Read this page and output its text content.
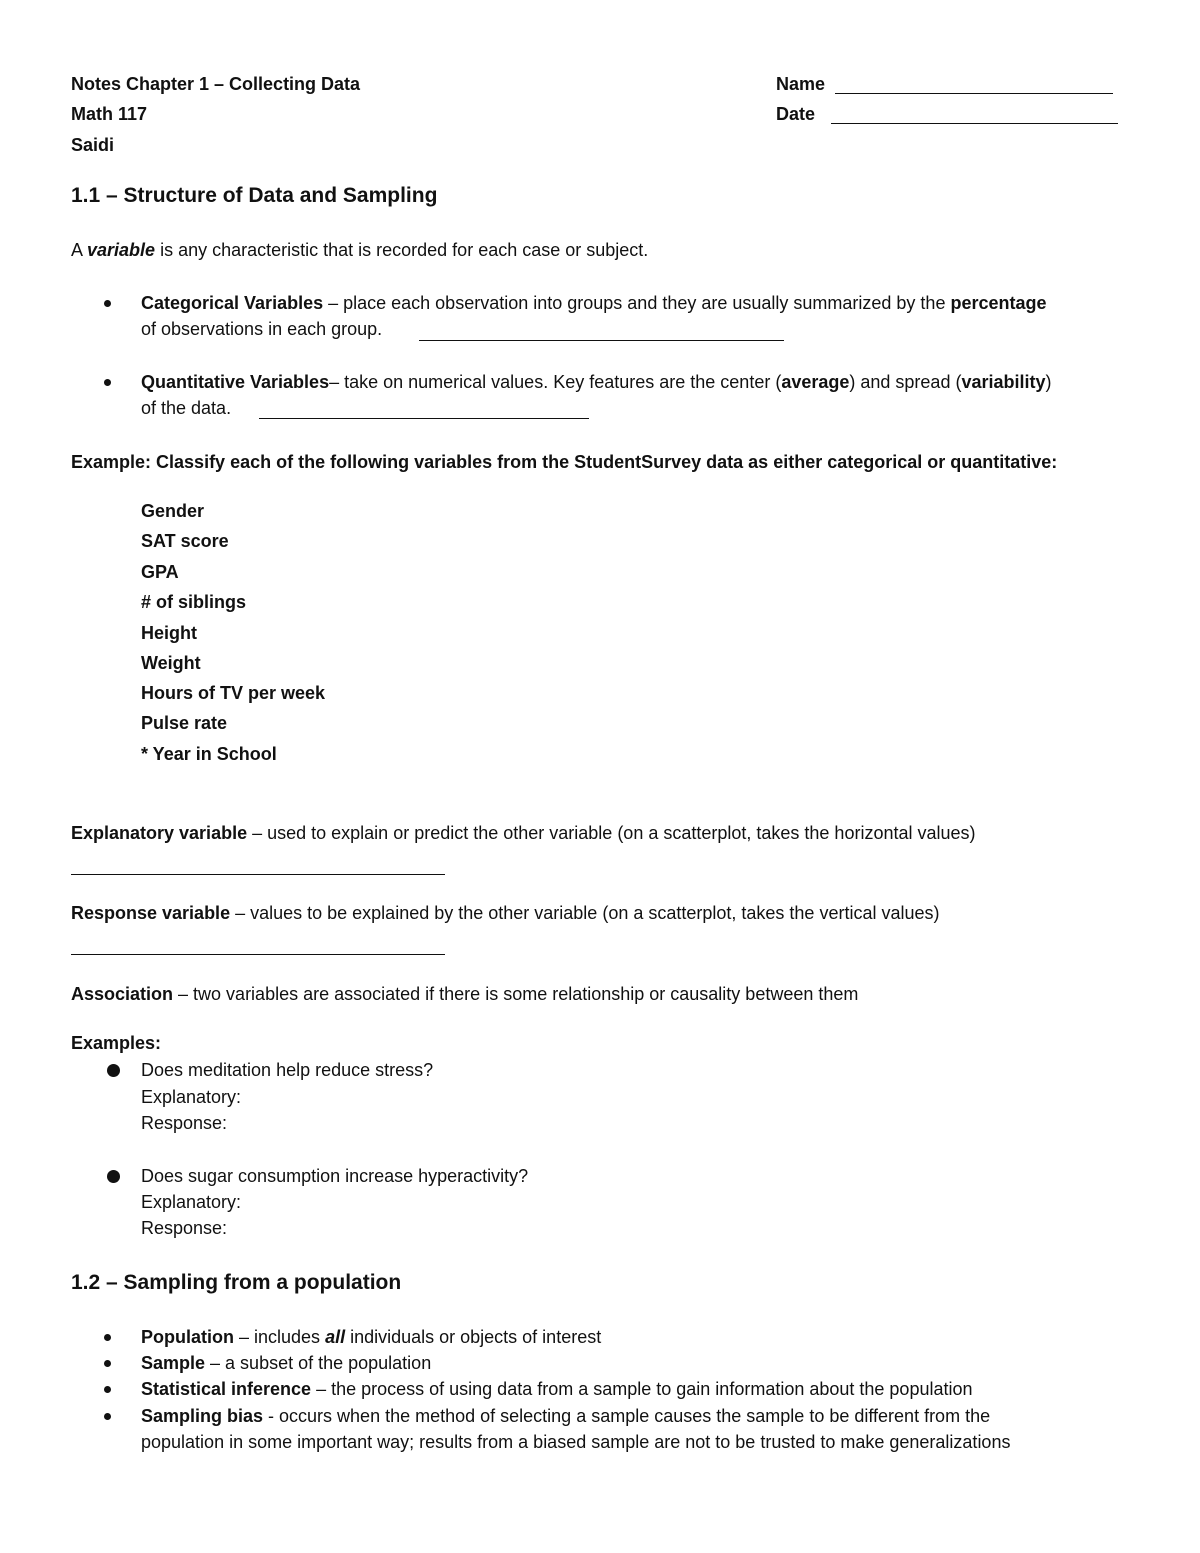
Notes Chapter 1 – Collecting Data
Math 117
Saidi
Name
Date
1.1 – Structure of Data and Sampling
A variable is any characteristic that is recorded for each case or subject.
Categorical Variables – place each observation into groups and they are usually summarized by the percentage
of observations in each group.
Quantitative Variables– take on numerical values. Key features are the center (average) and spread (variability)
of the data.
Example: Classify each of the following variables from the StudentSurvey data as either categorical or quantitative:
Gender
SAT score
GPA
# of siblings
Height
Weight
Hours of TV per week
Pulse rate
* Year in School
Explanatory variable – used to explain or predict the other variable (on a scatterplot, takes the horizontal values)
Response variable – values to be explained by the other variable (on a scatterplot, takes the vertical values)
Association – two variables are associated if there is some relationship or causality between them
Examples:
Does meditation help reduce stress?
Explanatory:
Response:
Does sugar consumption increase hyperactivity?
Explanatory:
Response:
1.2 – Sampling from a population
Population – includes all individuals or objects of interest
Sample – a subset of the population
Statistical inference – the process of using data from a sample to gain information about the population
Sampling bias - occurs when the method of selecting a sample causes the sample to be different from the
population in some important way; results from a biased sample are not to be trusted to make generalizations
